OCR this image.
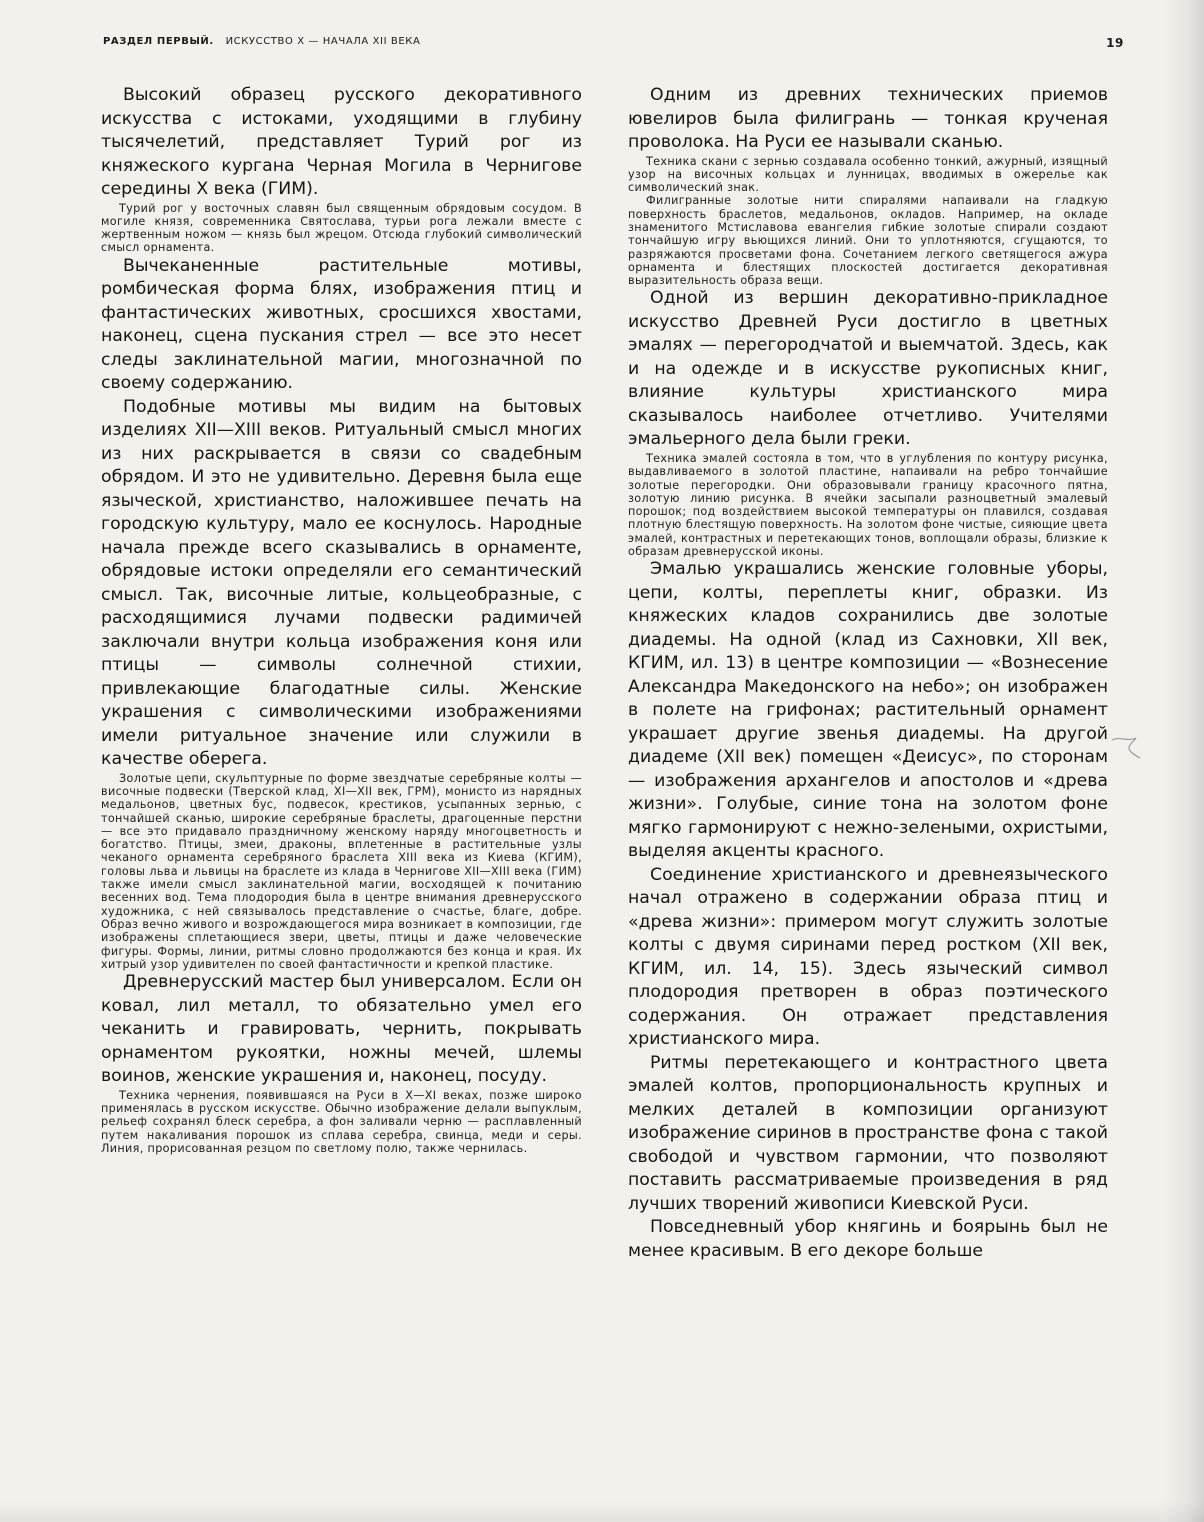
РАЗДЕЛ ПЕРВЫЙ. ИСКУССТВО X — НАЧАЛА XII ВЕКА	19

Высокий образец русского декоративного искусства с истоками, уходящими в глубину тысячелетий, представляет Турий рог из княжеского кургана Черная Могила в Чернигове середины X века (ГИМ).

Турий рог у восточных славян был священным обрядовым сосудом. В могиле князя, современника Святослава, турьи рога лежали вместе с жертвенным ножом — князь был жрецом. Отсюда глубокий символический смысл орнамента.

Вычеканенные растительные мотивы, ромбическая форма блях, изображения птиц и фантастических животных, сросшихся хвостами, наконец, сцена пускания стрел — все это несет следы заклинательной магии, многозначной по своему содержанию.

Подобные мотивы мы видим на бытовых изделиях XII—XIII веков. Ритуальный смысл многих из них раскрывается в связи со свадебным обрядом. И это не удивительно. Деревня была еще языческой, христианство, наложившее печать на городскую культуру, мало ее коснулось. Народные начала прежде всего сказывались в орнаменте, обрядовые истоки определяли его семантический смысл. Так, височные литые, кольцеобразные, с расходящимися лучами подвески радимичей заключали внутри кольца изображения коня или птицы — символы солнечной стихии, привлекающие благодатные силы. Женские украшения с символическими изображениями имели ритуальное значение или служили в качестве оберега.

Золотые цепи, скульптурные по форме звездчатые серебряные колты — височные подвески (Тверской клад, XI—XII век, ГРМ), монисто из нарядных медальонов, цветных бус, подвесок, крестиков, усыпанных зернью, с тончайшей сканью, широкие серебряные браслеты, драгоценные перстни — все это придавало праздничному женскому наряду многоцветность и богатство. Птицы, змеи, драконы, вплетенные в растительные узлы чеканого орнамента серебряного браслета XIII века из Киева (КГИМ), головы льва и львицы на браслете из клада в Чернигове XII—XIII века (ГИМ) также имели смысл заклинательной магии, восходящей к почитанию весенних вод. Тема плодородия была в центре внимания древнерусского художника, с ней связывалось представление о счастье, благе, добре. Образ вечно живого и возрождающегося мира возникает в композиции, где изображены сплетающиеся звери, цветы, птицы и даже человеческие фигуры. Формы, линии, ритмы словно продолжаются без конца и края. Их хитрый узор удивителен по своей фантастичности и крепкой пластике.

Древнерусский мастер был универсалом. Если он ковал, лил металл, то обязательно умел его чеканить и гравировать, чернить, покрывать орнаментом рукоятки, ножны мечей, шлемы воинов, женские украшения и, наконец, посуду.

Техника чернения, появившаяся на Руси в X—XI веках, позже широко применялась в русском искусстве. Обычно изображение делали выпуклым, рельеф сохранял блеск серебра, а фон заливали черню — расплавленный путем накаливания порошок из сплава серебра, свинца, меди и серы. Линия, прорисованная резцом по светлому полю, также чернилась.

Одним из древних технических приемов ювелиров была филигрань — тонкая крученая проволока. На Руси ее называли сканью.

Техника скани с зернью создавала особенно тонкий, ажурный, изящный узор на височных кольцах и лунницах, вводимых в ожерелье как символический знак.

Филигранные золотые нити спиралями напаивали на гладкую поверхность браслетов, медальонов, окладов. Например, на окладе знаменитого Мстиславова евангелия гибкие золотые спирали создают тончайшую игру вьющихся линий. Они то уплотняются, сгущаются, то разряжаются просветами фона. Сочетанием легкого светящегося ажура орнамента и блестящих плоскостей достигается декоративная выразительность образа вещи.

Одной из вершин декоративно-прикладное искусство Древней Руси достигло в цветных эмалях — перегородчатой и выемчатой. Здесь, как и на одежде и в искусстве рукописных книг, влияние культуры христианского мира сказывалось наиболее отчетливо. Учителями эмальерного дела были греки.

Техника эмалей состояла в том, что в углубления по контуру рисунка, выдавливаемого в золотой пластине, напаивали на ребро тончайшие золотые перегородки. Они образовывали границу красочного пятна, золотую линию рисунка. В ячейки засыпали разноцветный эмалевый порошок; под воздействием высокой температуры он плавился, создавая плотную блестящую поверхность. На золотом фоне чистые, сияющие цвета эмалей, контрастных и перетекающих тонов, воплощали образы, близкие к образам древнерусской иконы.

Эмалью украшались женские головные уборы, цепи, колты, переплеты книг, образки. Из княжеских кладов сохранились две золотые диадемы. На одной (клад из Сахновки, XII век, КГИМ, ил. 13) в центре композиции — «Вознесение Александра Македонского на небо»; он изображен в полете на грифонах; растительный орнамент украшает другие звенья диадемы. На другой диадеме (XII век) помещен «Деисус», по сторонам — изображения архангелов и апостолов и «древа жизни». Голубые, синие тона на золотом фоне мягко гармонируют с нежно-зелеными, охристыми, выделяя акценты красного.

Соединение христианского и древнеязыческого начал отражено в содержании образа птиц и «древа жизни»: примером могут служить золотые колты с двумя сиринами перед ростком (XII век, КГИМ, ил. 14, 15). Здесь языческий символ плодородия претворен в образ поэтического содержания. Он отражает представления христианского мира.

Ритмы перетекающего и контрастного цвета эмалей колтов, пропорциональность крупных и мелких деталей в композиции организуют изображение сиринов в пространстве фона с такой свободой и чувством гармонии, что позволяют поставить рассматриваемые произведения в ряд лучших творений живописи Киевской Руси.

Повседневный убор княгинь и боярынь был не менее красивым. В его декоре больше
